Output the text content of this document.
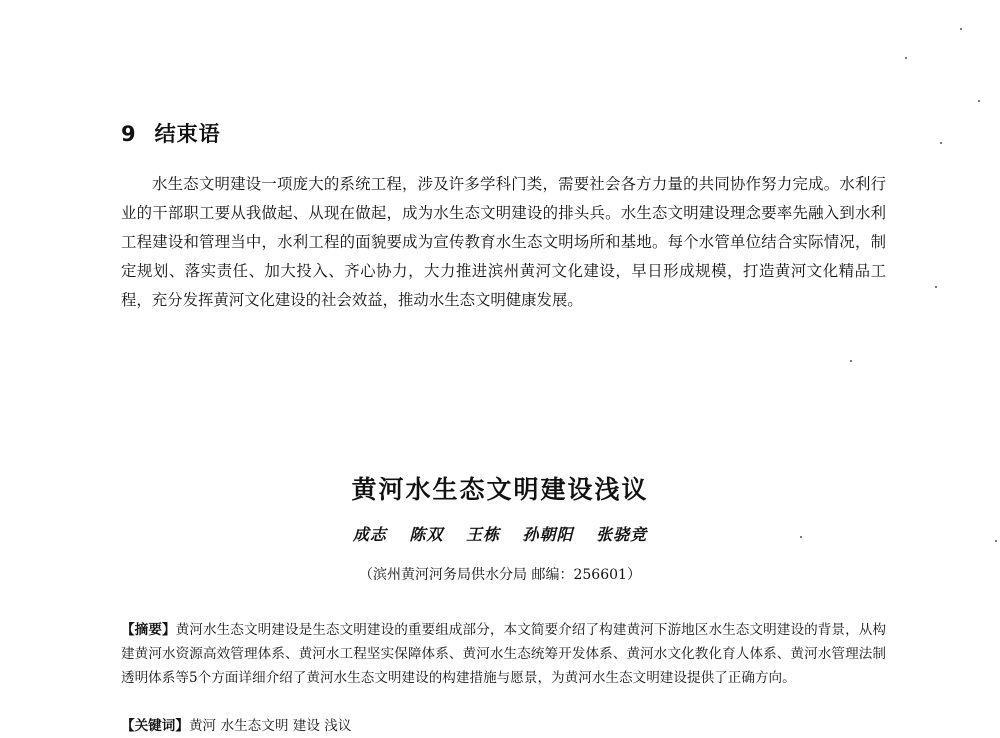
9 结束语

水生态文明建设一项庞大的系统工程，涉及许多学科门类，需要社会各方力量的共同协作努力完成。水利行业的干部职工要从我做起、从现在做起，成为水生态文明建设的排头兵。水生态文明建设理念要率先融入到水利工程建设和管理当中，水利工程的面貌要成为宣传教育水生态文明场所和基地。每个水管单位结合实际情况，制定规划、落实责任、加大投入、齐心协力，大力推进滨州黄河文化建设，早日形成规模，打造黄河文化精品工程，充分发挥黄河文化建设的社会效益，推动水生态文明健康发展。

黄河水生态文明建设浅议
成志 陈双 王栋 孙朝阳 张骁竞
（滨州黄河河务局供水分局 邮编：256601）

【摘要】黄河水生态文明建设是生态文明建设的重要组成部分，本文简要介绍了构建黄河下游地区水生态文明建设的背景，从构建黄河水资源高效管理体系、黄河水工程坚实保障体系、黄河水生态统筹开发体系、黄河水文化教化育人体系、黄河水管理法制透明体系等5个方面详细介绍了黄河水生态文明建设的构建措施与愿景，为黄河水生态文明建设提供了正确方向。

【关键词】黄河 水生态文明 建设 浅议
